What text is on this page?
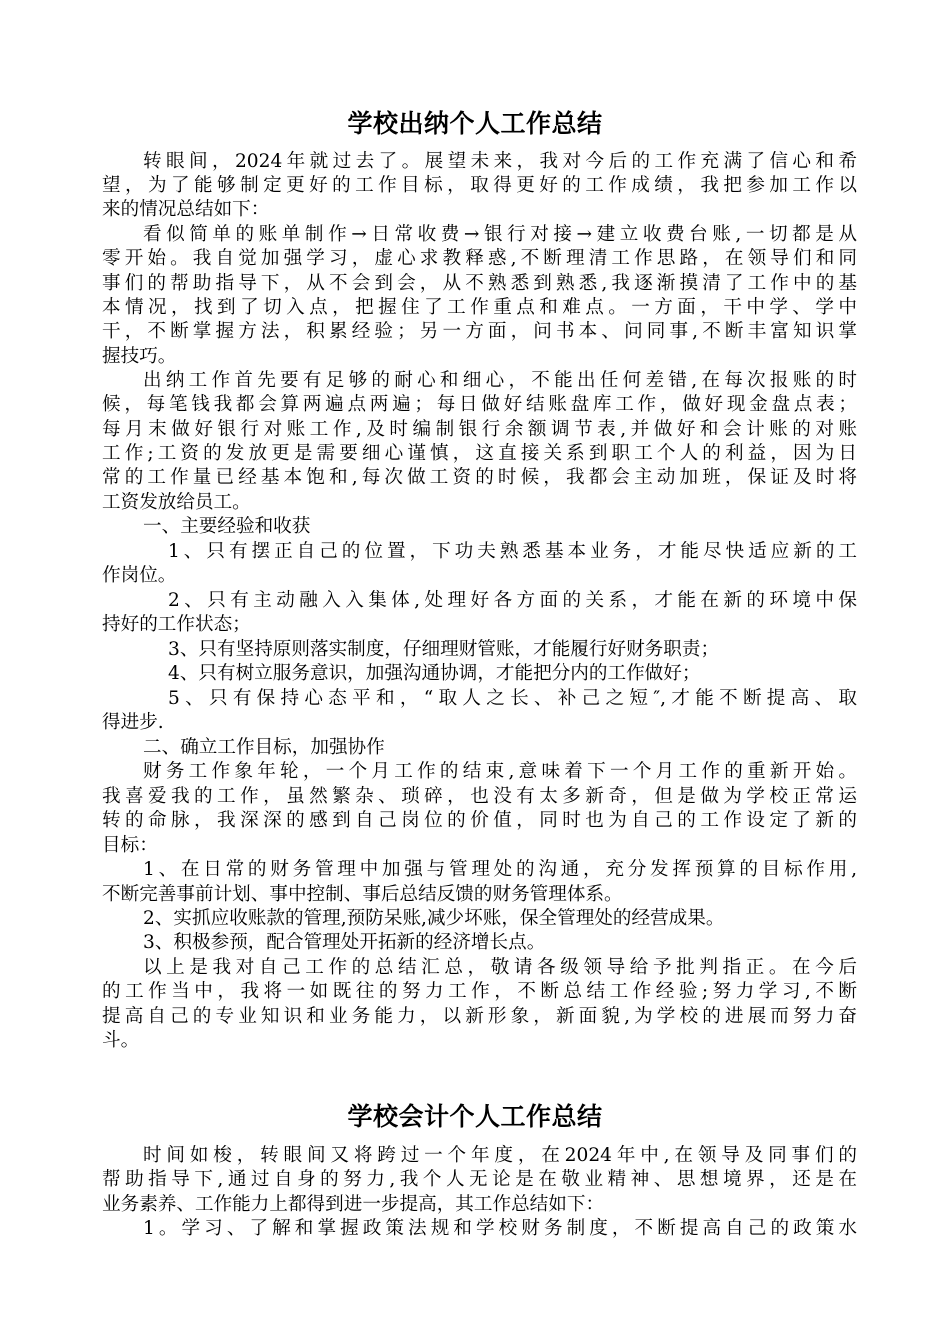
学校出纳个人工作总结

转眼间，2024年就过去了。展望未来，我对今后的工作充满了信心和希

望，为了能够制定更好的工作目标，取得更好的工作成绩，我把参加工作以

来的情况总结如下：

看似简单的账单制作→日常收费→银行对接→建立收费台账,一切都是从

零开始。我自觉加强学习，虚心求教释惑,不断理清工作思路，在领导们和同

事们的帮助指导下，从不会到会，从不熟悉到熟悉,我逐渐摸清了工作中的基

本情况，找到了切入点，把握住了工作重点和难点。一方面，干中学、学中

干，不断掌握方法，积累经验；另一方面，问书本、问同事,不断丰富知识掌

握技巧。

出纳工作首先要有足够的耐心和细心，不能出任何差错,在每次报账的时

候，每笔钱我都会算两遍点两遍；每日做好结账盘库工作，做好现金盘点表；

每月末做好银行对账工作,及时编制银行余额调节表,并做好和会计账的对账

工作;工资的发放更是需要细心谨慎，这直接关系到职工个人的利益，因为日

常的工作量已经基本饱和,每次做工资的时候，我都会主动加班，保证及时将

工资发放给员工。

一、主要经验和收获

1、只有摆正自己的位置，下功夫熟悉基本业务，才能尽快适应新的工

作岗位。

2、只有主动融入入集体,处理好各方面的关系，才能在新的环境中保

持好的工作状态；

3、只有坚持原则落实制度，仔细理财管账，才能履行好财务职责；

4、只有树立服务意识，加强沟通协调，才能把分内的工作做好；

5、只有保持心态平和，“取人之长、补己之短″,才能不断提高、取

得进步.

二、确立工作目标，加强协作

财务工作象年轮，一个月工作的结束,意味着下一个月工作的重新开始。

我喜爱我的工作，虽然繁杂、琐碎，也没有太多新奇，但是做为学校正常运

转的命脉，我深深的感到自己岗位的价值，同时也为自己的工作设定了新的

目标：

1、在日常的财务管理中加强与管理处的沟通，充分发挥预算的目标作用,

不断完善事前计划、事中控制、事后总结反馈的财务管理体系。

2、实抓应收账款的管理,预防呆账,减少坏账，保全管理处的经营成果。

3、积极参预，配合管理处开拓新的经济增长点。

以上是我对自己工作的总结汇总，敬请各级领导给予批判指正。在今后

的工作当中，我将一如既往的努力工作，不断总结工作经验;努力学习,不断

提高自己的专业知识和业务能力，以新形象，新面貌,为学校的进展而努力奋

斗。

学校会计个人工作总结

时间如梭，转眼间又将跨过一个年度，在2024年中,在领导及同事们的

帮助指导下,通过自身的努力,我个人无论是在敬业精神、思想境界，还是在

业务素养、工作能力上都得到进一步提高，其工作总结如下：

1。学习、了解和掌握政策法规和学校财务制度，不断提高自己的政策水
